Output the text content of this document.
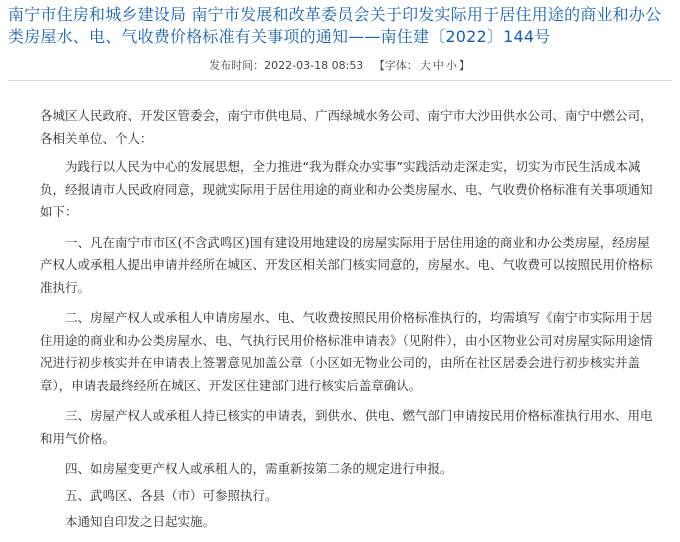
南宁市住房和城乡建设局 南宁市发展和改革委员会关于印发实际用于居住用途的商业和办公类房屋水、电、气收费价格标准有关事项的通知——南住建〔2022〕144号
发布时间：2022-03-18 08:53 【字体： 大 中 小 】

各城区人民政府、开发区管委会，南宁市供电局、广西绿城水务公司、南宁市大沙田供水公司、南宁中燃公司，各相关单位、个人：

为践行以人民为中心的发展思想，全力推进“我为群众办实事”实践活动走深走实，切实为市民生活成本减负，经报请市人民政府同意，现就实际用于居住用途的商业和办公类房屋水、电、气收费价格标准有关事项通知如下：

一、凡在南宁市市区(不含武鸣区)国有建设用地建设的房屋实际用于居住用途的商业和办公类房屋，经房屋产权人或承租人提出申请并经所在城区、开发区相关部门核实同意的，房屋水、电、气收费可以按照民用价格标准执行。

二、房屋产权人或承租人申请房屋水、电、气收费按照民用价格标准执行的，均需填写《南宁市实际用于居住用途的商业和办公类房屋水、电、气执行民用价格标准申请表》（见附件），由小区物业公司对房屋实际用途情况进行初步核实并在申请表上签署意见加盖公章（小区如无物业公司的，由所在社区居委会进行初步核实并盖章），申请表最终经所在城区、开发区住建部门进行核实后盖章确认。

三、房屋产权人或承租人持已核实的申请表，到供水、供电、燃气部门申请按民用价格标准执行用水、用电和用气价格。

四、如房屋变更产权人或承租人的，需重新按第二条的规定进行申报。

五、武鸣区、各县（市）可参照执行。

本通知自印发之日起实施。
